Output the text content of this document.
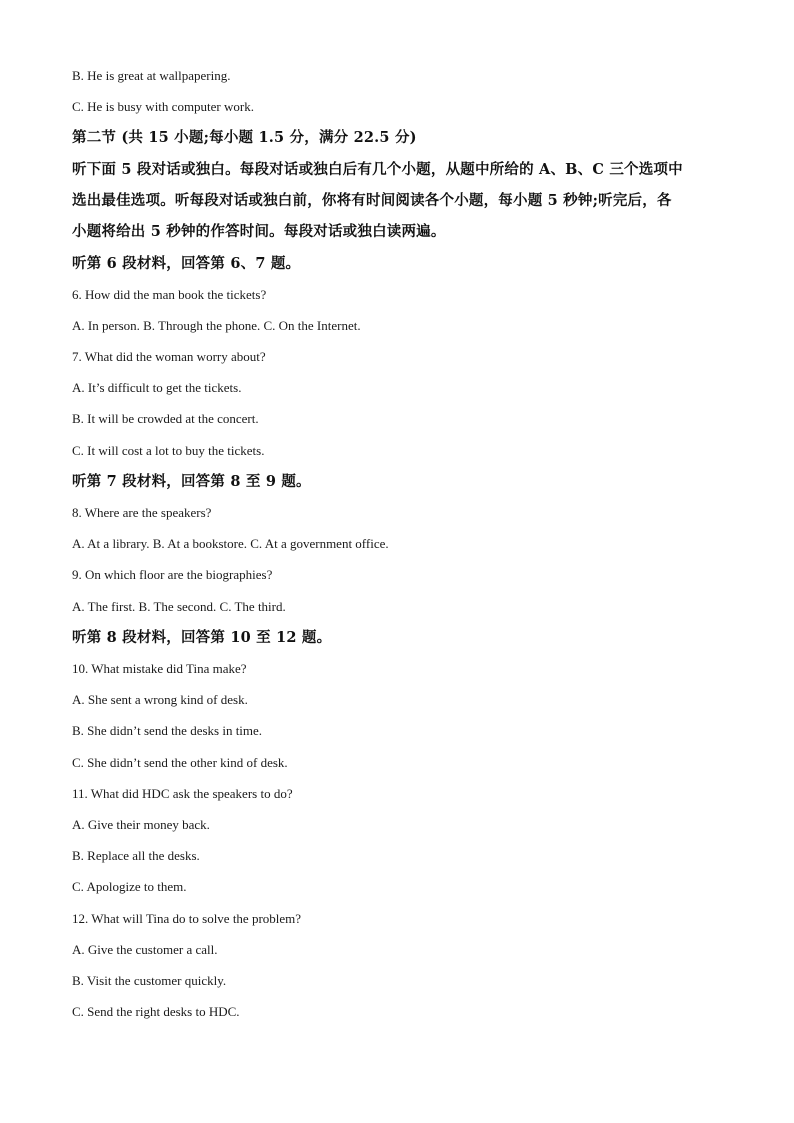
B. He is great at wallpapering.
C. He is busy with computer work.
第二节 (共 15 小题;每小题 1.5 分，满分 22.5 分)
听下面 5 段对话或独白。每段对话或独白后有几个小题，从题中所给的 A、B、C 三个选项中
选出最佳选项。听每段对话或独白前，你将有时间阅读各个小题，每小题 5 秒钟;听完后，各
小题将给出 5 秒钟的作答时间。每段对话或独白读两遍。
听第 6 段材料，回答第 6、7 题。
6. How did the man book the tickets?
A. In person. B. Through the phone. C. On the Internet.
7. What did the woman worry about?
A. It’s difficult to get the tickets.
B. It will be crowded at the concert.
C. It will cost a lot to buy the tickets.
听第 7 段材料，回答第 8 至 9 题。
8. Where are the speakers?
A. At a library. B. At a bookstore. C. At a government office.
9. On which floor are the biographies?
A. The first. B. The second. C. The third.
听第 8 段材料，回答第 10 至 12 题。
10. What mistake did Tina make?
A. She sent a wrong kind of desk.
B. She didn’t send the desks in time.
C. She didn’t send the other kind of desk.
11. What did HDC ask the speakers to do?
A. Give their money back.
B. Replace all the desks.
C. Apologize to them.
12. What will Tina do to solve the problem?
A. Give the customer a call.
B. Visit the customer quickly.
C. Send the right desks to HDC.
